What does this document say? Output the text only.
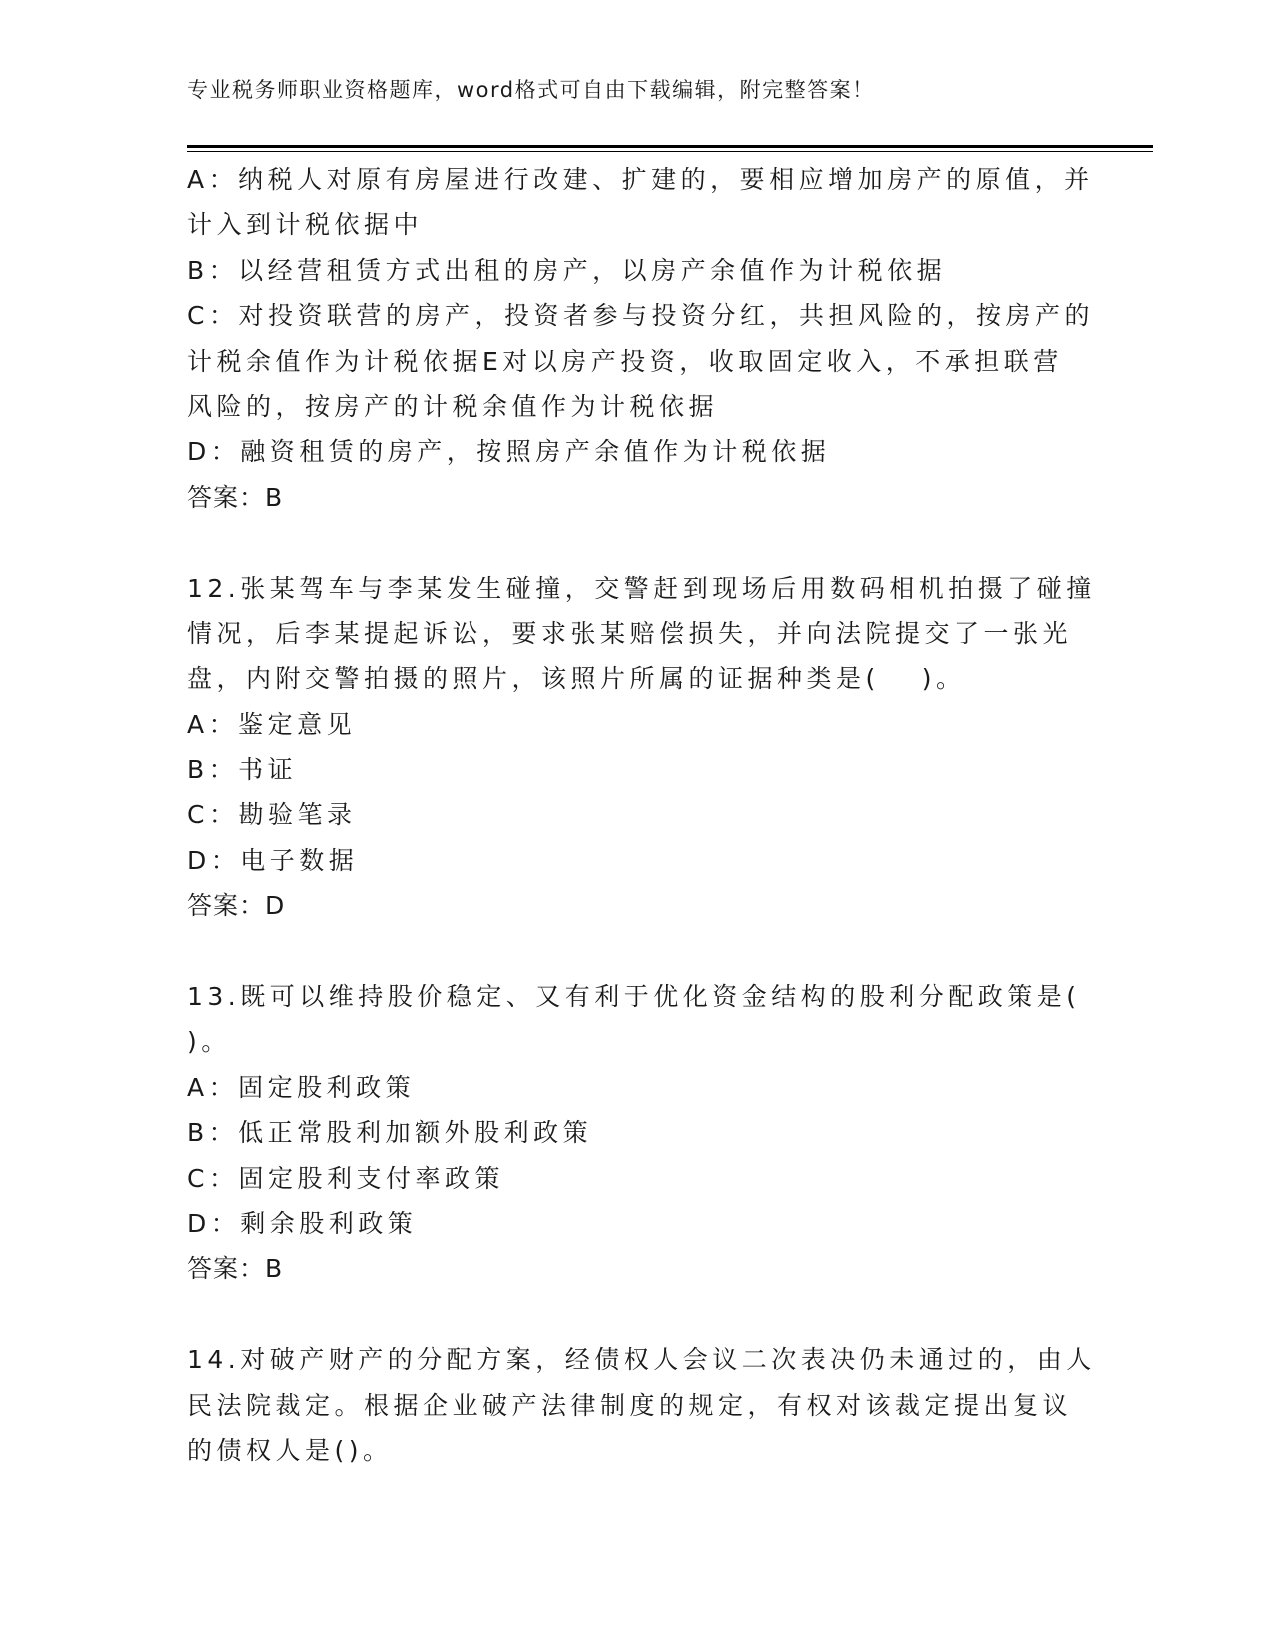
专业税务师职业资格题库，word格式可自由下载编辑，附完整答案！
A：纳税人对原有房屋进行改建、扩建的，要相应增加房产的原值，并
计入到计税依据中
B：以经营租赁方式出租的房产，以房产余值作为计税依据
C：对投资联营的房产，投资者参与投资分红，共担风险的，按房产的
计税余值作为计税依据E对以房产投资，收取固定收入，不承担联营
风险的，按房产的计税余值作为计税依据
D：融资租赁的房产，按照房产余值作为计税依据
答案：B
12.张某驾车与李某发生碰撞，交警赶到现场后用数码相机拍摄了碰撞
情况，后李某提起诉讼，要求张某赔偿损失，并向法院提交了一张光
盘，内附交警拍摄的照片，该照片所属的证据种类是(　 )。
A：鉴定意见
B：书证
C：勘验笔录
D：电子数据
答案：D
13.既可以维持股价稳定、又有利于优化资金结构的股利分配政策是(
)。
A：固定股利政策
B：低正常股利加额外股利政策
C：固定股利支付率政策
D：剩余股利政策
答案：B
14.对破产财产的分配方案，经债权人会议二次表决仍未通过的，由人
民法院裁定。根据企业破产法律制度的规定，有权对该裁定提出复议
的债权人是()。
